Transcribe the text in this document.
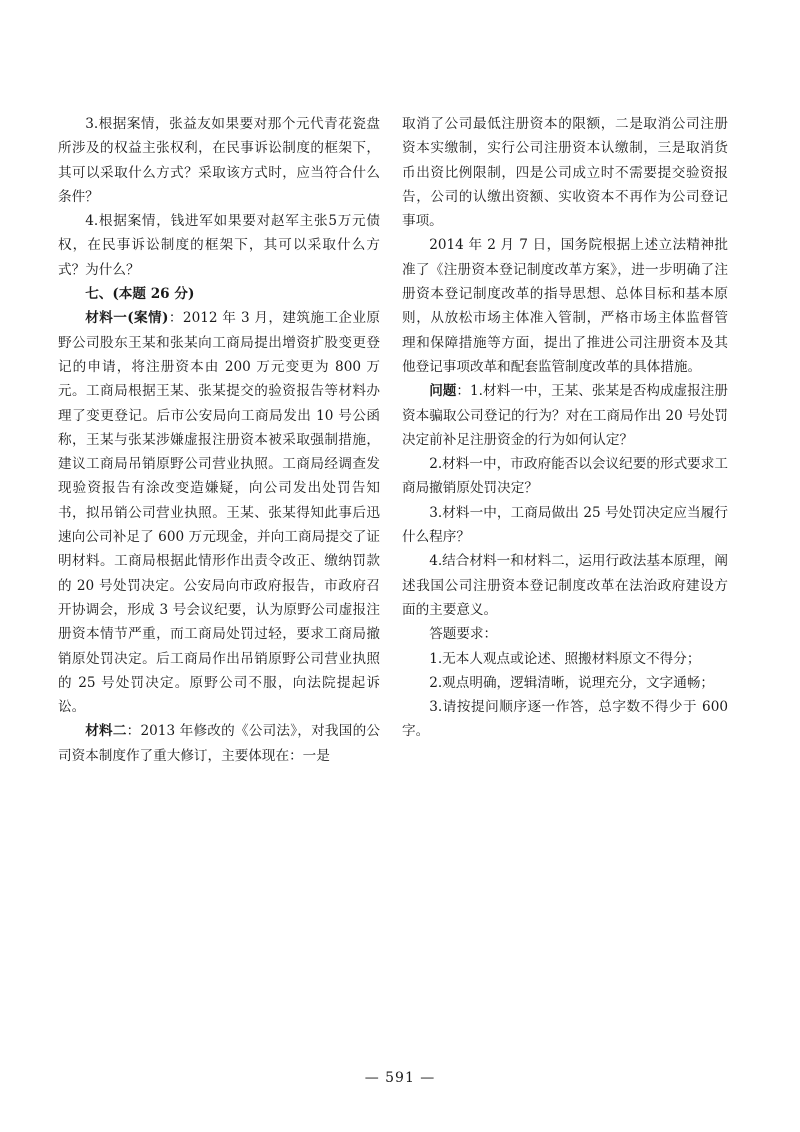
3.根据案情，张益友如果要对那个元代青花瓷盘所涉及的权益主张权利，在民事诉讼制度的框架下，其可以采取什么方式？采取该方式时，应当符合什么条件？

4.根据案情，钱进军如果要对赵军主张5万元债权，在民事诉讼制度的框架下，其可以采取什么方式？为什么？

七、(本题 26 分)

材料一(案情)：2012 年 3 月，建筑施工企业原野公司股东王某和张某向工商局提出增资扩股变更登记的申请，将注册资本由 200 万元变更为 800 万元。工商局根据王某、张某提交的验资报告等材料办理了变更登记。后市公安局向工商局发出 10 号公函称，王某与张某涉嫌虚报注册资本被采取强制措施，建议工商局吊销原野公司营业执照。工商局经调查发现验资报告有涂改变造嫌疑，向公司发出处罚告知书，拟吊销公司营业执照。王某、张某得知此事后迅速向公司补足了 600 万元现金，并向工商局提交了证明材料。工商局根据此情形作出责令改正、缴纳罚款的 20 号处罚决定。公安局向市政府报告，市政府召开协调会，形成 3 号会议纪要，认为原野公司虚报注册资本情节严重，而工商局处罚过轻，要求工商局撤销原处罚决定。后工商局作出吊销原野公司营业执照的 25 号处罚决定。原野公司不服，向法院提起诉讼。

材料二：2013 年修改的《公司法》，对我国的公司资本制度作了重大修订，主要体现在：一是

取消了公司最低注册资本的限额，二是取消公司注册资本实缴制，实行公司注册资本认缴制，三是取消货币出资比例限制，四是公司成立时不需要提交验资报告，公司的认缴出资额、实收资本不再作为公司登记事项。

2014 年 2 月 7 日，国务院根据上述立法精神批准了《注册资本登记制度改革方案》，进一步明确了注册资本登记制度改革的指导思想、总体目标和基本原则，从放松市场主体准入管制，严格市场主体监督管理和保障措施等方面，提出了推进公司注册资本及其他登记事项改革和配套监管制度改革的具体措施。

问题：1.材料一中，王某、张某是否构成虚报注册资本骗取公司登记的行为？对在工商局作出 20 号处罚决定前补足注册资金的行为如何认定？

2.材料一中，市政府能否以会议纪要的形式要求工商局撤销原处罚决定？

3.材料一中，工商局做出 25 号处罚决定应当履行什么程序？

4.结合材料一和材料二，运用行政法基本原理，阐述我国公司注册资本登记制度改革在法治政府建设方面的主要意义。

答题要求：

1.无本人观点或论述、照搬材料原文不得分；

2.观点明确，逻辑清晰，说理充分，文字通畅；

3.请按提问顺序逐一作答，总字数不得少于 600 字。

— 591 —
